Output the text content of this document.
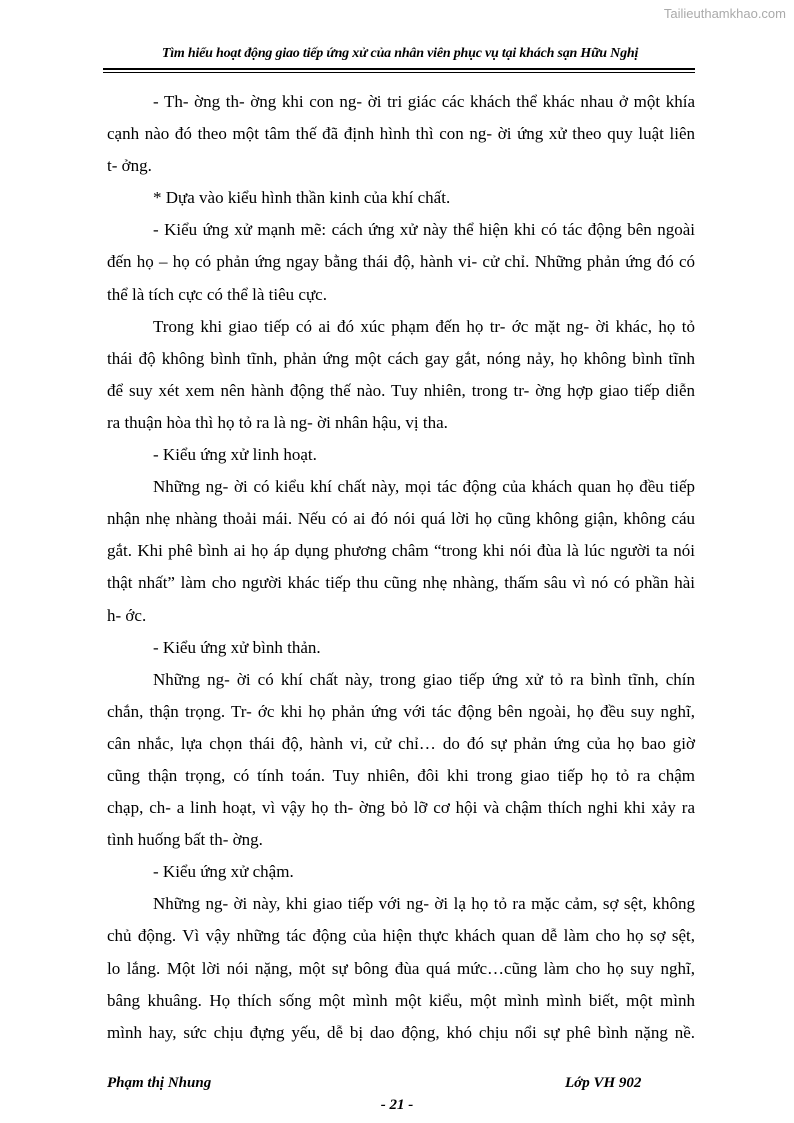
Tailieuthamkhao.com
Tìm hiểu hoạt động giao tiếp ứng xử của nhân viên phục vụ tại khách sạn Hữu Nghị
- Th- ờng th- ờng khi con ng- ời tri giác các khách thể khác nhau ở một khía
cạnh nào đó theo một tâm thế đã định hình thì con ng- ời ứng xử theo quy luật liên
t- ởng.
* Dựa vào kiểu hình thần kinh của khí chất.
- Kiểu ứng xử mạnh mẽ: cách ứng xử này thể hiện khi có tác động bên ngoài
đến họ – họ có phản ứng ngay bằng thái độ, hành vi- cử chỉ. Những phản ứng đó có
thể là tích cực có thể là tiêu cực.
Trong khi giao tiếp có ai đó xúc phạm đến họ tr- ớc mặt ng- ời khác, họ tỏ
thái độ không bình tĩnh, phản ứng một cách gay gắt, nóng nảy, họ không bình tĩnh
để suy xét xem nên hành động thế nào. Tuy nhiên, trong tr- ờng hợp giao tiếp diễn
ra thuận hòa thì họ tỏ ra là ng- ời nhân hậu, vị tha.
- Kiểu ứng xử linh hoạt.
Những ng- ời có kiểu khí chất này, mọi tác động của khách quan họ đều tiếp
nhận nhẹ nhàng thoải mái. Nếu có ai đó nói quá lời họ cũng không giận, không cáu
gắt. Khi phê bình ai họ áp dụng phương châm “trong khi nói đùa là lúc người ta nói
thật nhất” làm cho người khác tiếp thu cũng nhẹ nhàng, thấm sâu vì nó có phần hài
h- ớc.
- Kiểu ứng xử bình thản.
Những ng- ời có khí chất này, trong giao tiếp ứng xử tỏ ra bình tĩnh, chín
chắn, thận trọng. Tr- ớc khi họ phản ứng với tác động bên ngoài, họ đều suy nghĩ,
cân nhắc, lựa chọn thái độ, hành vi, cử chỉ… do đó sự phản ứng của họ bao giờ
cũng thận trọng, có tính toán. Tuy nhiên, đôi khi trong giao tiếp họ tỏ ra chậm
chạp, ch- a linh hoạt, vì vậy họ th- ờng bỏ lỡ cơ hội và chậm thích nghi khi xảy ra
tình huống bất th- ờng.
- Kiểu ứng xử chậm.
Những ng- ời này, khi giao tiếp với ng- ời lạ họ tỏ ra mặc cảm, sợ sệt, không
chủ động. Vì vậy những tác động của hiện thực khách quan dễ làm cho họ sợ sệt,
lo lắng. Một lời nói nặng, một sự bông đùa quá mức…cũng làm cho họ suy nghĩ,
bâng khuâng. Họ thích sống một mình một kiểu, một mình mình biết, một mình
mình hay, sức chịu đựng yếu, dễ bị dao động, khó chịu nổi sự phê bình nặng nề.
Phạm thị Nhung	Lớp VH 902
- 21 -
